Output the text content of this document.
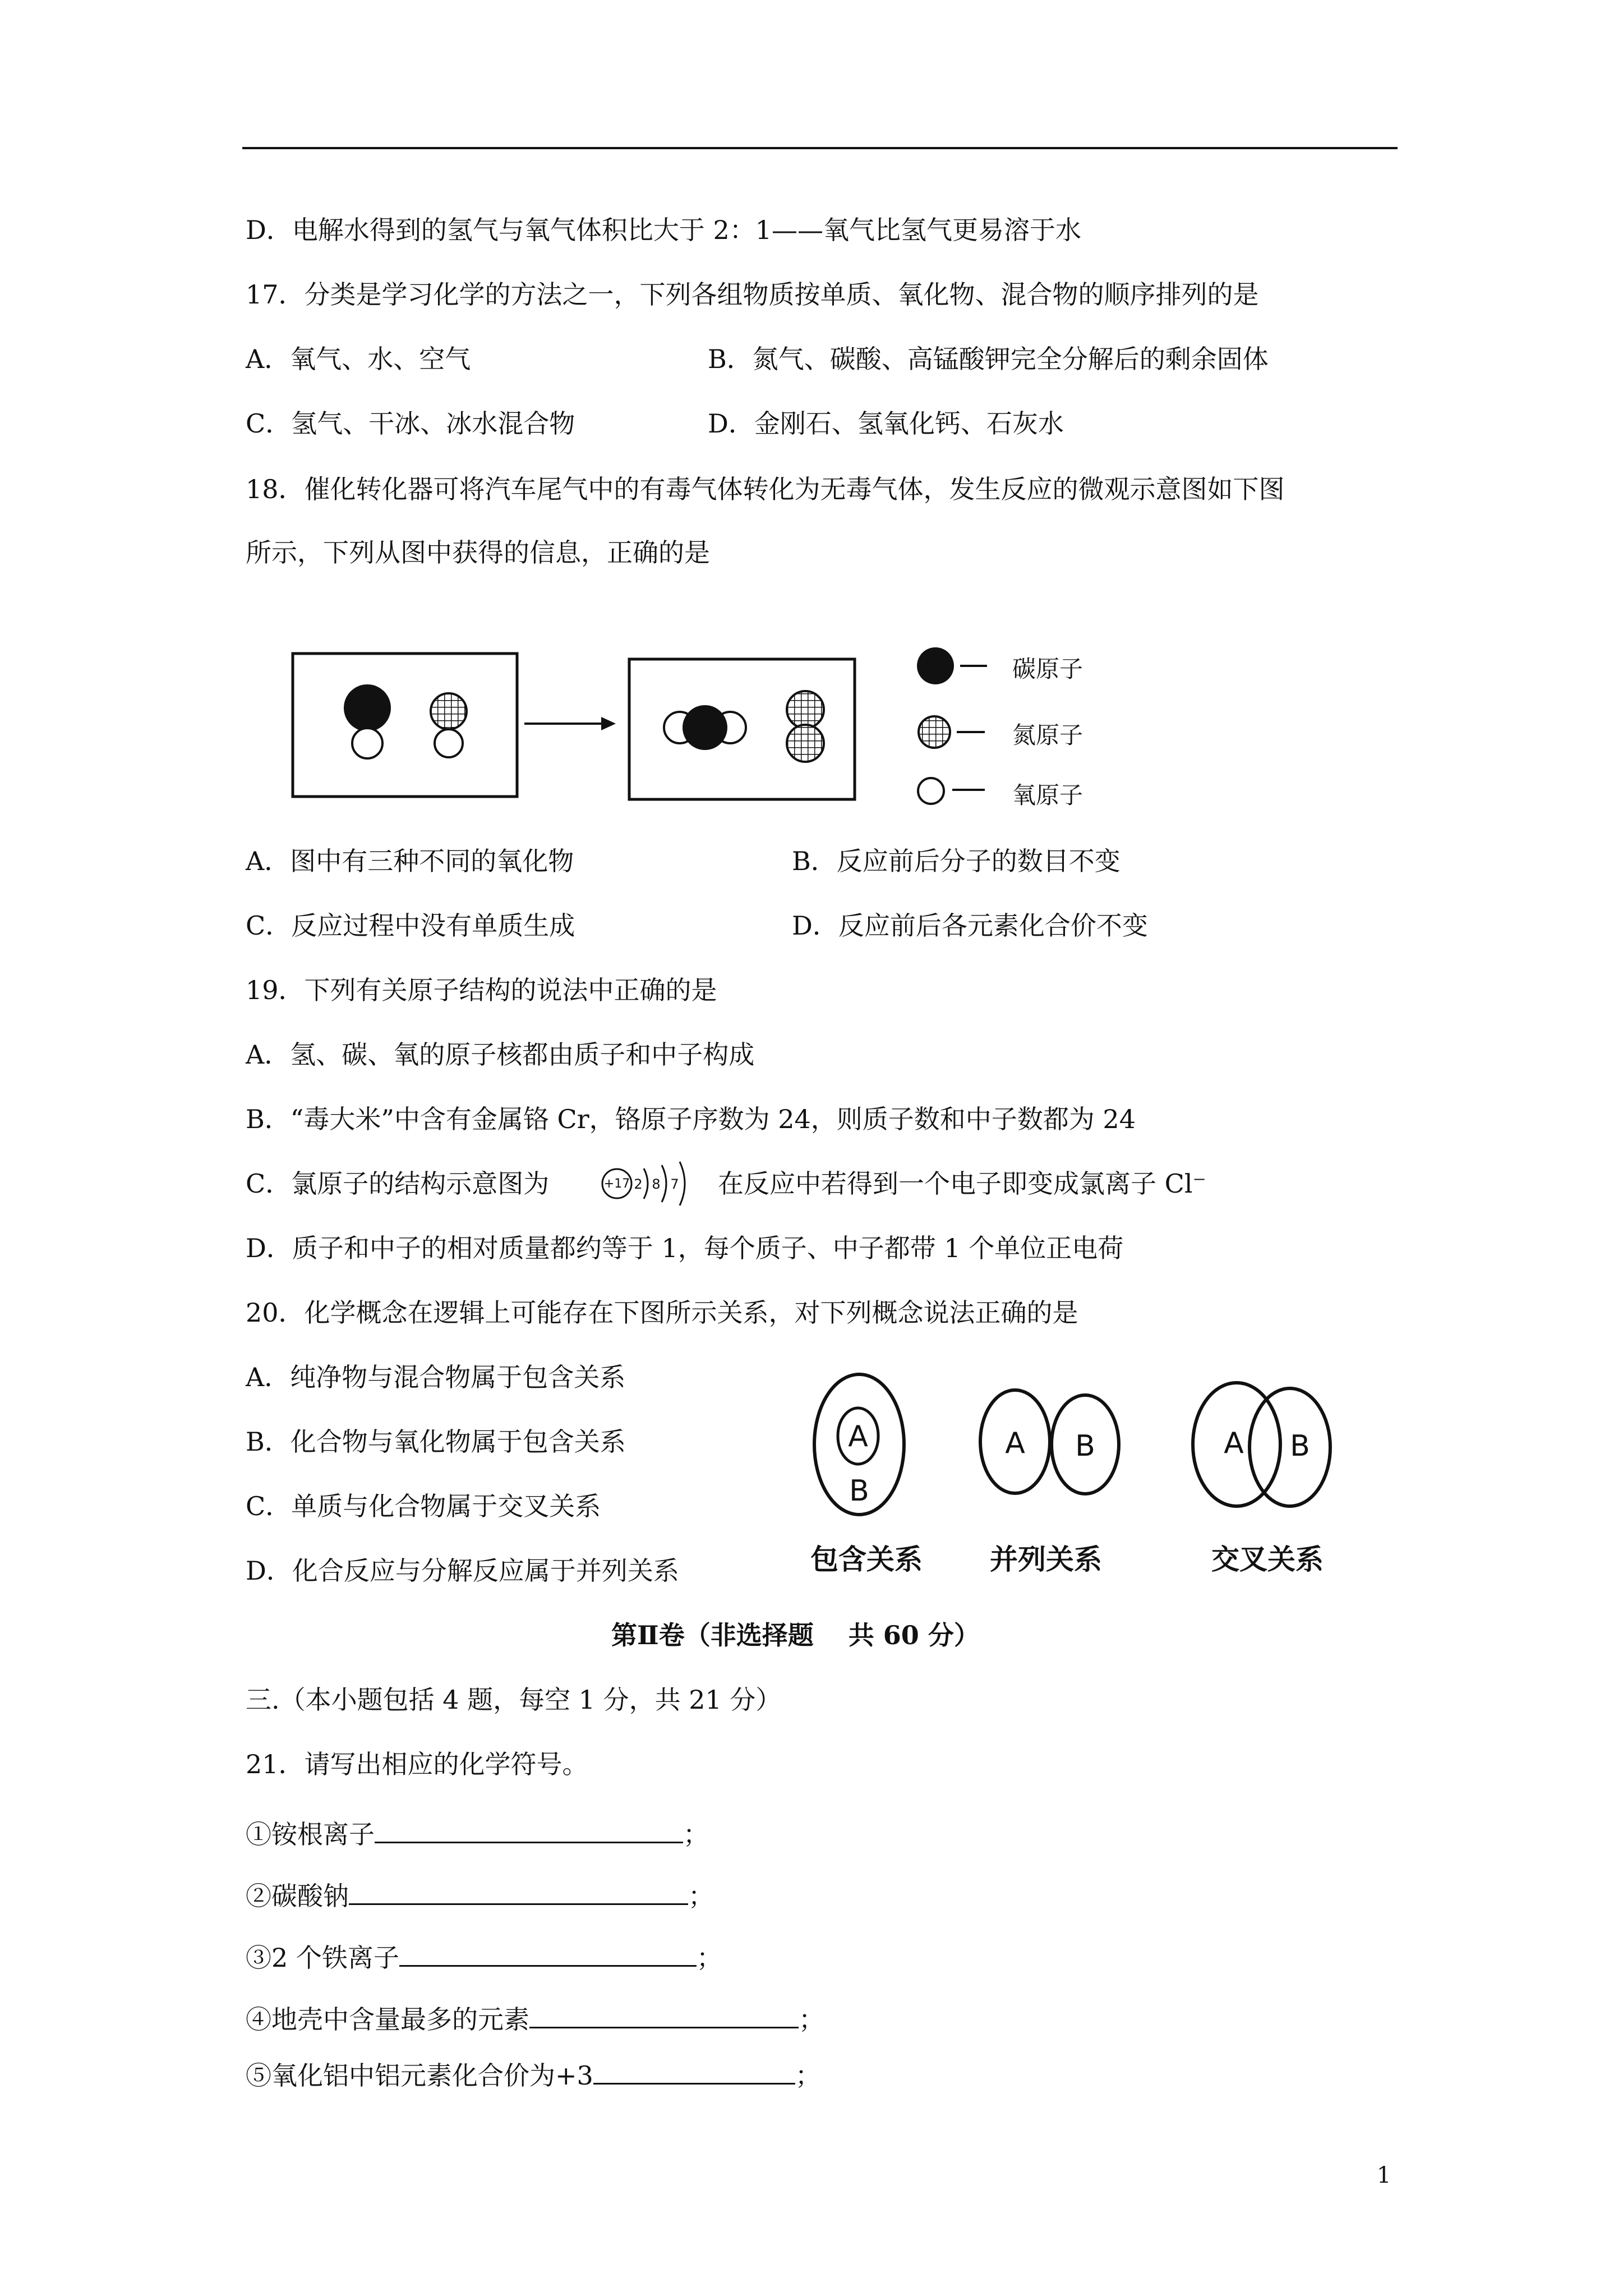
D．电解水得到的氢气与氧气体积比大于 2：1——氧气比氢气更易溶于水
17．分类是学习化学的方法之一，下列各组物质按单质、氧化物、混合物的顺序排列的是
A．氧气、水、空气	B．氮气、碳酸、高锰酸钾完全分解后的剩余固体
C．氢气、干冰、冰水混合物	D．金刚石、氢氧化钙、石灰水
18．催化转化器可将汽车尾气中的有毒气体转化为无毒气体，发生反应的微观示意图如下图
所示，下列从图中获得的信息，正确的是
碳原子
氮原子
氧原子
A．图中有三种不同的氧化物	B．反应前后分子的数目不变
C．反应过程中没有单质生成	D．反应前后各元素化合价不变
19．下列有关原子结构的说法中正确的是
A．氢、碳、氧的原子核都由质子和中子构成
B．“毒大米”中含有金属铬 Cr，铬原子序数为 24，则质子数和中子数都为 24
C．氯原子的结构示意图为	+17 2 8 7 在反应中若得到一个电子即变成氯离子 Cl⁻
D．质子和中子的相对质量都约等于 1，每个质子、中子都带 1 个单位正电荷
20．化学概念在逻辑上可能存在下图所示关系，对下列概念说法正确的是
A．纯净物与混合物属于包含关系
B．化合物与氧化物属于包含关系
C．单质与化合物属于交叉关系
D．化合反应与分解反应属于并列关系
A
B
A B	A B
包含关系 并列关系	交叉关系
第Ⅱ卷（非选择题　 共 60 分）
三.（本小题包括 4 题，每空 1 分，共 21 分）
21．请写出相应的化学符号。
①铵根离子	；
②碳酸钠	；
③2 个铁离子	；
④地壳中含量最多的元素	；
⑤氧化铝中铝元素化合价为+3	；
1
